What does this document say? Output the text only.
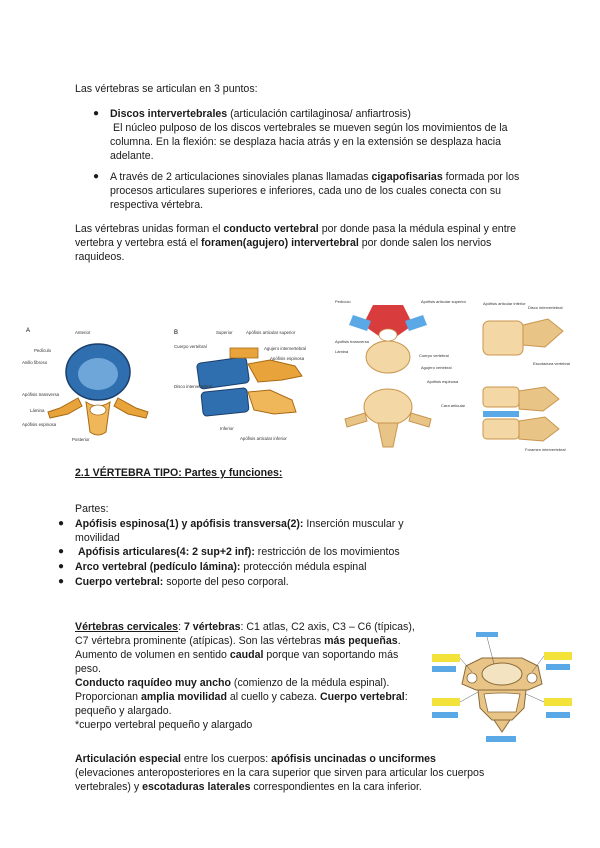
Las vértebras se articulan en 3 puntos:
● Discos intervertebrales (articulación cartilaginosa/ anfiartrosis)
El núcleo pulposo de los discos vertebrales se mueven según los movimientos de la
columna. En la flexión: se desplaza hacia atrás y en la extensión se desplaza hacia
adelante.
● A través de 2 articulaciones sinoviales planas llamadas cigapofisarias formada por los
procesos articulares superiores e inferiores, cada uno de los cuales conecta con su
respectiva vértebra.
Las vértebras unidas forman el conducto vertebral por donde pasa la médula espinal y entre
vertebra y vertebra está el foramen(agujero) intervertebral por donde salen los nervios
raquideos.
A	B
Anterior
Anillo fibroso
Pedículo
Apófisis transversa
Lámina
Apófisis espinosa
Posterior
Superior
Cuerpo vertebral
Apófisis articular superior
Agujero intervertebral
Apófisis espinosa
Disco intervertebral
Inferior
Apófisis articular inferior
Pedículo	Apófisis articular superior
Cuerpo vertebral
Apófisis transversa
Lámina
Apófisis espinosa
Agujero vertebral
Apófisis articular inferior
Disco intervertebral
Escotadura vertebral
Cara articular
Foramen intervertebral
2.1 VÉRTEBRA TIPO: Partes y funciones:
Partes:
● Apófisis espinosa(1) y apófisis transversa(2): Inserción muscular y
movilidad
● Apófisis articulares(4: 2 sup+2 inf): restricción de los movimientos
● Arco vertebral (pedículo lámina): protección médula espinal
● Cuerpo vertebral: soporte del peso corporal.
Vértebras cervicales: 7 vértebras: C1 atlas, C2 axis, C3 – C6 (típicas),
C7 vértebra prominente (atípicas). Son las vértebras más pequeñas.
Aumento de volumen en sentido caudal porque van soportando más
peso.
Conducto raquídeo muy ancho (comienzo de la médula espinal).
Proporcionan amplia movilidad al cuello y cabeza. Cuerpo vertebral:
pequeño y alargado.
*cuerpo vertebral pequeño y alargado
Articulación especial entre los cuerpos: apófisis uncinadas o unciformes
(elevaciones anteroposteriores en la cara superior que sirven para articular los cuerpos
vertebrales) y escotaduras laterales correspondientes en la cara inferior.
